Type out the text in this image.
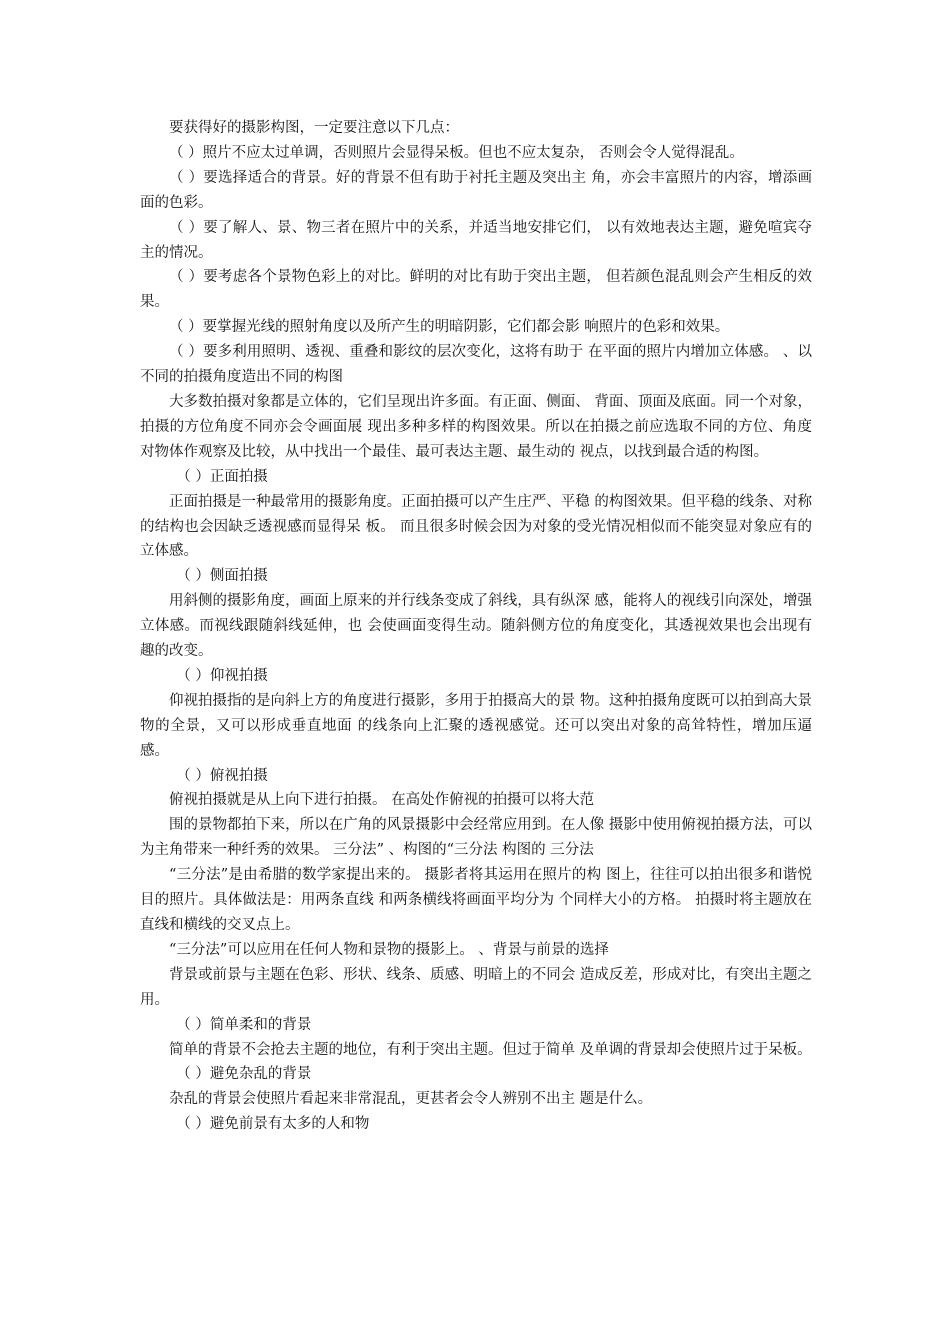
要获得好的摄影构图，一定要注意以下几点：

（ ）照片不应太过单调，否则照片会显得呆板。但也不应太复杂， 否则会令人觉得混乱。

（ ）要选择适合的背景。好的背景不但有助于衬托主题及突出主 角，亦会丰富照片的内容，增添画面的色彩。

（ ）要了解人、景、物三者在照片中的关系，并适当地安排它们， 以有效地表达主题，避免喧宾夺主的情况。

（ ）要考虑各个景物色彩上的对比。鲜明的对比有助于突出主题， 但若颜色混乱则会产生相反的效果。

（ ）要掌握光线的照射角度以及所产生的明暗阴影，它们都会影 响照片的色彩和效果。

（ ）要多利用照明、透视、重叠和影纹的层次变化，这将有助于 在平面的照片内增加立体感。 、以不同的拍摄角度造出不同的构图

大多数拍摄对象都是立体的，它们呈现出许多面。有正面、侧面、 背面、顶面及底面。同一个对象，拍摄的方位角度不同亦会令画面展 现出多种多样的构图效果。所以在拍摄之前应选取不同的方位、角度 对物体作观察及比较，从中找出一个最佳、最可表达主题、最生动的 视点，以找到最合适的构图。

（ ）正面拍摄

正面拍摄是一种最常用的摄影角度。正面拍摄可以产生庄严、平稳 的构图效果。但平稳的线条、对称的结构也会因缺乏透视感而显得呆 板。 而且很多时候会因为对象的受光情况相似而不能突显对象应有的 立体感。

（ ）侧面拍摄

用斜侧的摄影角度，画面上原来的并行线条变成了斜线，具有纵深 感，能将人的视线引向深处，增强立体感。而视线跟随斜线延伸，也 会使画面变得生动。随斜侧方位的角度变化，其透视效果也会出现有 趣的改变。

（ ）仰视拍摄

仰视拍摄指的是向斜上方的角度进行摄影，多用于拍摄高大的景 物。这种拍摄角度既可以拍到高大景物的全景，又可以形成垂直地面 的线条向上汇聚的透视感觉。还可以突出对象的高耸特性，增加压逼 感。

（ ）俯视拍摄

俯视拍摄就是从上向下进行拍摄。 在高处作俯视的拍摄可以将大范

围的景物都拍下来，所以在广角的风景摄影中会经常应用到。在人像 摄影中使用俯视拍摄方法，可以为主角带来一种纤秀的效果。 三分法” 、构图的“三分法 构图的 三分法

“三分法”是由希腊的数学家提出来的。 摄影者将其运用在照片的构 图上，往往可以拍出很多和谐悦目的照片。具体做法是：用两条直线 和两条横线将画面平均分为 个同样大小的方格。 拍摄时将主题放在 直线和横线的交叉点上。

“三分法”可以应用在任何人物和景物的摄影上。 、背景与前景的选择

背景或前景与主题在色彩、形状、线条、质感、明暗上的不同会 造成反差，形成对比，有突出主题之用。

（ ）简单柔和的背景

简单的背景不会抢去主题的地位，有利于突出主题。但过于简单 及单调的背景却会使照片过于呆板。

（ ）避免杂乱的背景

杂乱的背景会使照片看起来非常混乱，更甚者会令人辨别不出主 题是什么。

（ ）避免前景有太多的人和物
